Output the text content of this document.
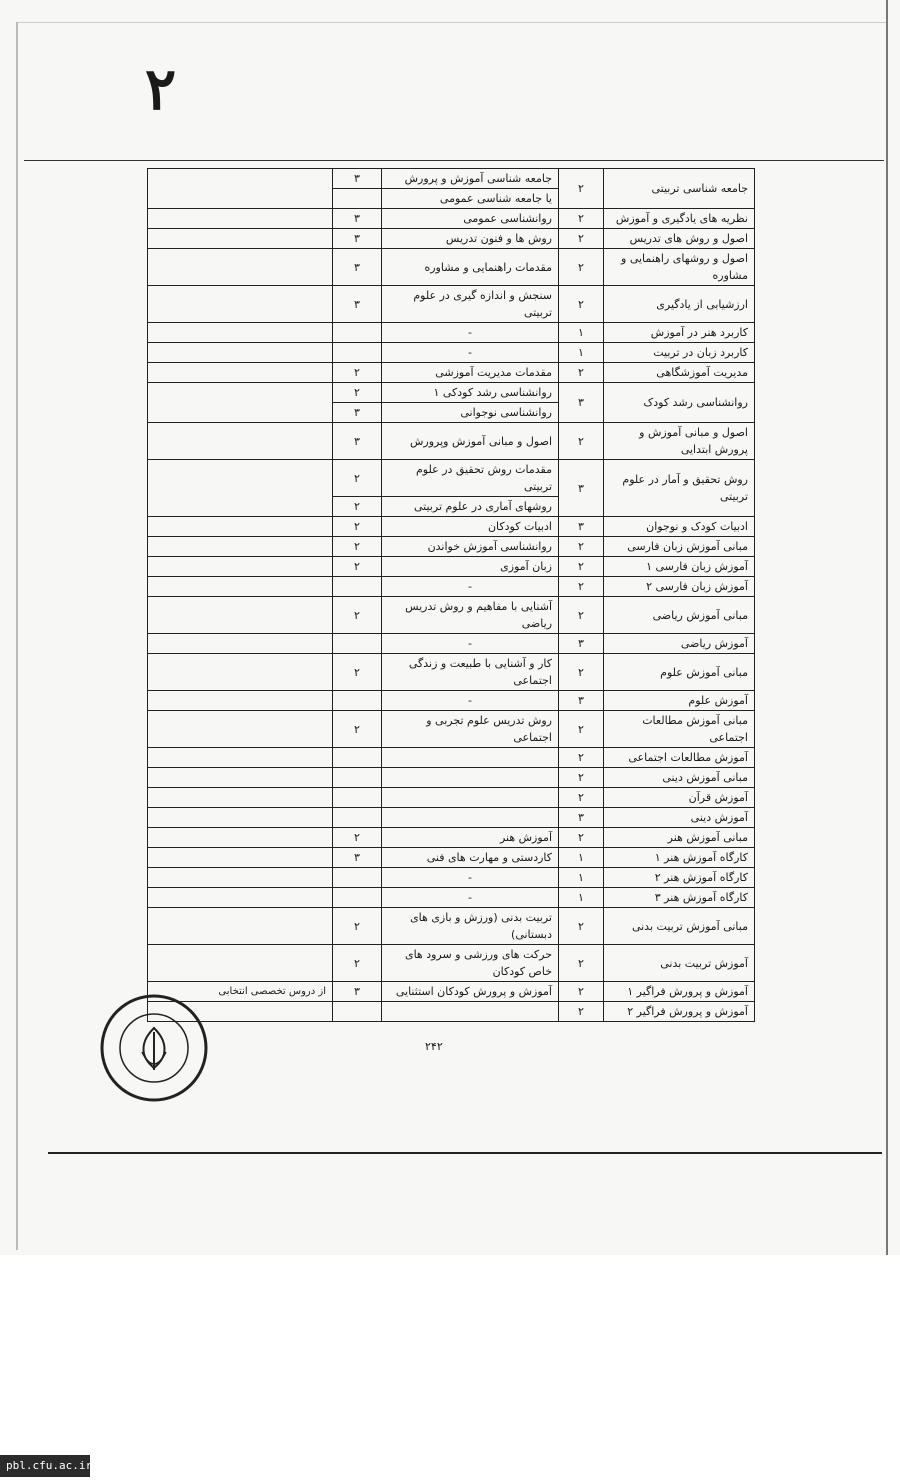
۲
جامعه شناسی تربیتی	۲	جامعه شناسی آموزش و پرورش	۳	
		یا جامعه شناسی عمومی		
نظریه های یادگیری و آموزش	۲	روانشناسی عمومی	۳	
اصول و روش های تدریس	۲	روش ها و فنون تدریس	۳	
اصول و روشهای راهنمایی و مشاوره	۲	مقدمات راهنمایی و مشاوره	۳	
ارزشیابی از یادگیری	۲	سنجش و اندازه گیری در علوم تربیتی	۳	
کاربرد هنر در آموزش	۱	-		
کاربرد زبان در تربیت	۱	-		
مدیریت آموزشگاهی	۲	مقدمات مدیریت آموزشی	۲	
روانشناسی رشد کودک	۳	روانشناسی رشد کودکی ۱	۲	
		روانشناسی نوجوانی	۳	
اصول و مبانی آموزش و پرورش ابتدایی	۲	اصول و مبانی آموزش وپرورش	۳	
روش تحقیق و آمار در علوم تربیتی	۳	مقدمات روش تحقیق در علوم تربیتی	۲	
		روشهای آماری در علوم تربیتی	۲	
ادبیات کودک و نوجوان	۳	ادبیات کودکان	۲	
مبانی آموزش زبان فارسی	۲	روانشناسی آموزش خواندن	۲	
آموزش زبان فارسی ۱	۲	زبان آموزی	۲	
آموزش زبان فارسی ۲	۲	-		
مبانی آموزش ریاضی	۲	آشنایی با مفاهیم و روش تدریس ریاضی	۲	
آموزش ریاضی	۳	-		
مبانی آموزش علوم	۲	کار و آشنایی با طبیعت و زندگی اجتماعی	۲	
آموزش علوم	۳	-		
مبانی آموزش مطالعات اجتماعی	۲	روش تدریس علوم تجربی و اجتماعی	۲	
آموزش مطالعات اجتماعی	۲			
مبانی آموزش دینی	۲			
آموزش قرآن	۲			
آموزش دینی	۳			
مبانی آموزش هنر	۲	آموزش هنر	۲	
کارگاه آموزش هنر ۱	۱	کاردستی و مهارت های فنی	۳	
کارگاه آموزش هنر ۲	۱	-		
کارگاه آموزش هنر ۳	۱	-		
مبانی آموزش تربیت بدنی	۲	تربیت بدنی (ورزش و بازی های دبستانی)	۲	
آموزش تربیت بدنی	۲	حرکت های ورزشی و سرود های خاص کودکان	۲	
آموزش و پرورش فراگیر ۱	۲	آموزش و پرورش کودکان استثنایی	۳	از دروس تخصصی انتخابی
آموزش و پرورش فراگیر ۲	۲			
۲۴۲
pbl.cfu.ac.ir
